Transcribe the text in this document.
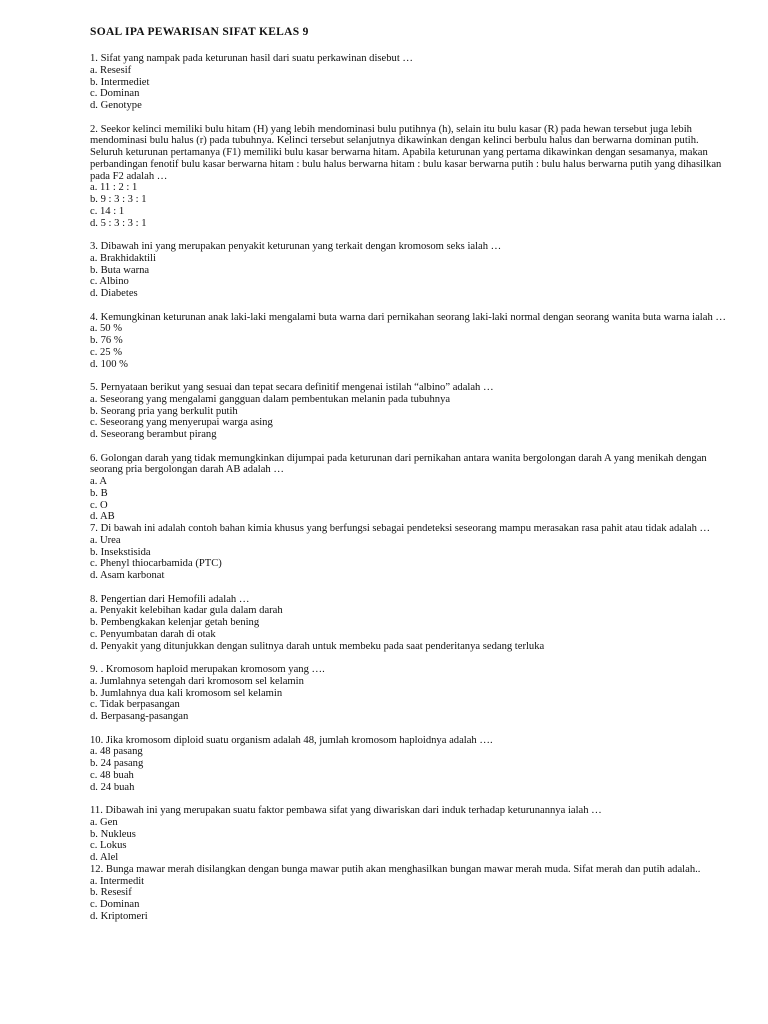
SOAL IPA PEWARISAN SIFAT KELAS 9
1. Sifat yang nampak pada keturunan hasil dari suatu perkawinan disebut …
a. Resesif
b. Intermediet
c. Dominan
d. Genotype
2. Seekor kelinci memiliki bulu hitam (H) yang lebih mendominasi bulu putihnya (h), selain itu bulu kasar (R) pada hewan tersebut juga lebih mendominasi bulu halus (r) pada tubuhnya. Kelinci tersebut selanjutnya dikawinkan dengan kelinci berbulu halus dan berwarna dominan putih. Seluruh keturunan pertamanya (F1) memiliki bulu kasar berwarna hitam. Apabila keturunan yang pertama dikawinkan dengan sesamanya, makan perbandingan fenotif bulu kasar berwarna hitam : bulu halus berwarna hitam : bulu kasar berwarna putih : bulu halus berwarna putih yang dihasilkan pada F2 adalah …
a. 11 : 2 : 1
b. 9 : 3 : 3 : 1
c. 14 : 1
d. 5 : 3 : 3 : 1
3. Dibawah ini yang merupakan penyakit keturunan yang terkait dengan kromosom seks ialah …
a. Brakhidaktili
b. Buta warna
c. Albino
d. Diabetes
4. Kemungkinan keturunan anak laki-laki mengalami buta warna dari pernikahan seorang laki-laki normal dengan seorang wanita buta warna ialah …
a. 50 %
b. 76 %
c. 25 %
d. 100 %
5. Pernyataan berikut yang sesuai dan tepat secara definitif mengenai istilah “albino” adalah …
a. Seseorang yang mengalami gangguan dalam pembentukan melanin pada tubuhnya
b. Seorang pria yang berkulit putih
c. Seseorang yang menyerupai warga asing
d. Seseorang berambut pirang
6. Golongan darah yang tidak memungkinkan dijumpai pada keturunan dari pernikahan antara wanita bergolongan darah A yang menikah dengan seorang pria bergolongan darah AB adalah …
a. A
b. B
c. O
d. AB
7. Di bawah ini adalah contoh bahan kimia khusus yang berfungsi sebagai pendeteksi seseorang mampu merasakan rasa pahit atau tidak adalah …
a. Urea
b. Insekstisida
c. Phenyl thiocarbamida (PTC)
d. Asam karbonat
8. Pengertian dari Hemofili adalah …
a. Penyakit kelebihan kadar gula dalam darah
b. Pembengkakan kelenjar getah bening
c. Penyumbatan darah di otak
d. Penyakit yang ditunjukkan dengan sulitnya darah untuk membeku pada saat penderitanya sedang terluka
9. . Kromosom haploid merupakan kromosom yang ….
a. Jumlahnya setengah dari kromosom sel kelamin
b. Jumlahnya dua kali kromosom sel kelamin
c. Tidak berpasangan
d. Berpasang-pasangan
10. Jika kromosom diploid suatu organism adalah 48, jumlah kromosom haploidnya adalah ….
a. 48 pasang
b. 24 pasang
c. 48 buah
d. 24 buah
11. Dibawah ini yang merupakan suatu faktor pembawa sifat yang diwariskan dari induk terhadap keturunannya ialah …
a. Gen
b. Nukleus
c. Lokus
d. Alel
12. Bunga mawar merah disilangkan dengan bunga mawar putih akan menghasilkan bungan mawar merah muda. Sifat merah dan putih adalah..
a. Intermedit
b. Resesif
c. Dominan
d. Kriptomeri
